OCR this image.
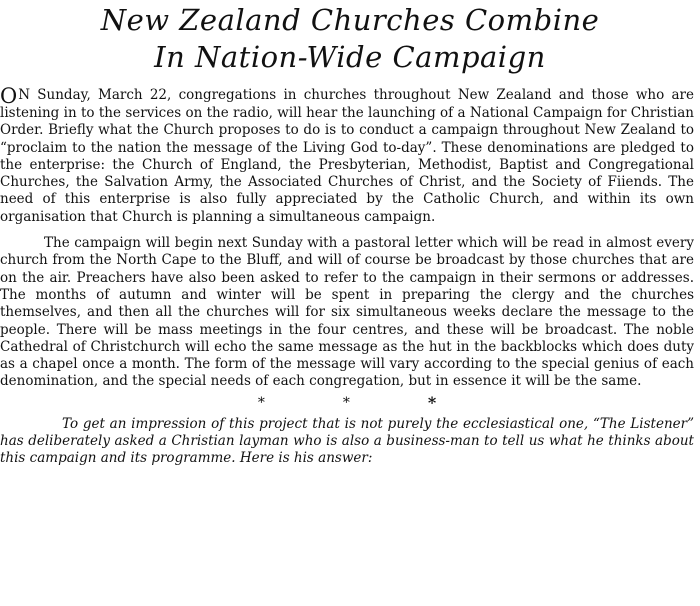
New Zealand Churches Combine
In Nation-Wide Campaign

ON Sunday, March 22, congregations in churches throughout New Zealand and those who are listening in to the services on the radio, will hear the launching of a National Campaign for Christian Order. Briefly what the Church proposes to do is to conduct a campaign throughout New Zealand to “proclaim to the nation the message of the Living God to-day”. These denominations are pledged to the enterprise: the Church of England, the Presbyterian, Methodist, Baptist and Congregational Churches, the Salvation Army, the Associated Churches of Christ, and the Society of Fiiends. The need of this enterprise is also fully appreciated by the Catholic Church, and within its own organisation that Church is planning a simultaneous campaign.

The campaign will begin next Sunday with a pastoral letter which will be read in almost every church from the North Cape to the Bluff, and will of course be broadcast by those churches that are on the air. Preachers have also been asked to refer to the campaign in their sermons or addresses. The months of autumn and winter will be spent in preparing the clergy and the churches themselves, and then all the churches will for six simultaneous weeks declare the message to the people. There will be mass meetings in the four centres, and these will be broadcast. The noble Cathedral of Christchurch will echo the same message as the hut in the backblocks which does duty as a chapel once a month. The form of the message will vary according to the special genius of each denomination, and the special needs of each congregation, but in essence it will be the same.

*	*	*

To get an impression of this project that is not purely the ecclesiastical one, “The Listener” has deliberately asked a Christian layman who is also a business-man to tell us what he thinks about this campaign and its programme. Here is his answer:
